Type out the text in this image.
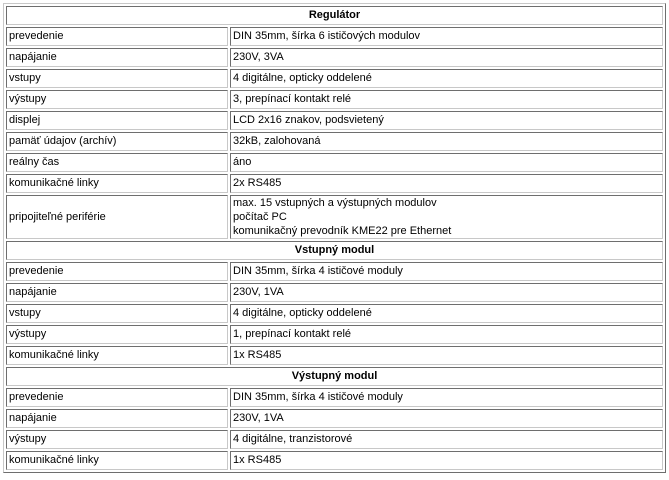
Regulátor	
prevedenie	DIN 35mm, šírka 6 ističových modulov
napájanie	230V, 3VA
vstupy	4 digitálne, opticky oddelené
výstupy	3, prepínací kontakt relé
displej	LCD 2x16 znakov, podsvietený
pamäť údajov (archív)	32kB, zalohovaná
reálny čas	áno
komunikačné linky	2x RS485
pripojiteľné periférie	max. 15 vstupných a výstupných modulov
počítač PC
komunikačný prevodník KME22 pre Ethernet

Vstupný modul	
prevedenie	DIN 35mm, šírka 4 ističové moduly
napájanie	230V, 1VA
vstupy	4 digitálne, opticky oddelené
výstupy	1, prepínací kontakt relé
komunikačné linky	1x RS485
Výstupný modul	
prevedenie	DIN 35mm, šírka 4 ističové moduly
napájanie	230V, 1VA
výstupy	4 digitálne, tranzistorové
komunikačné linky	1x RS485
